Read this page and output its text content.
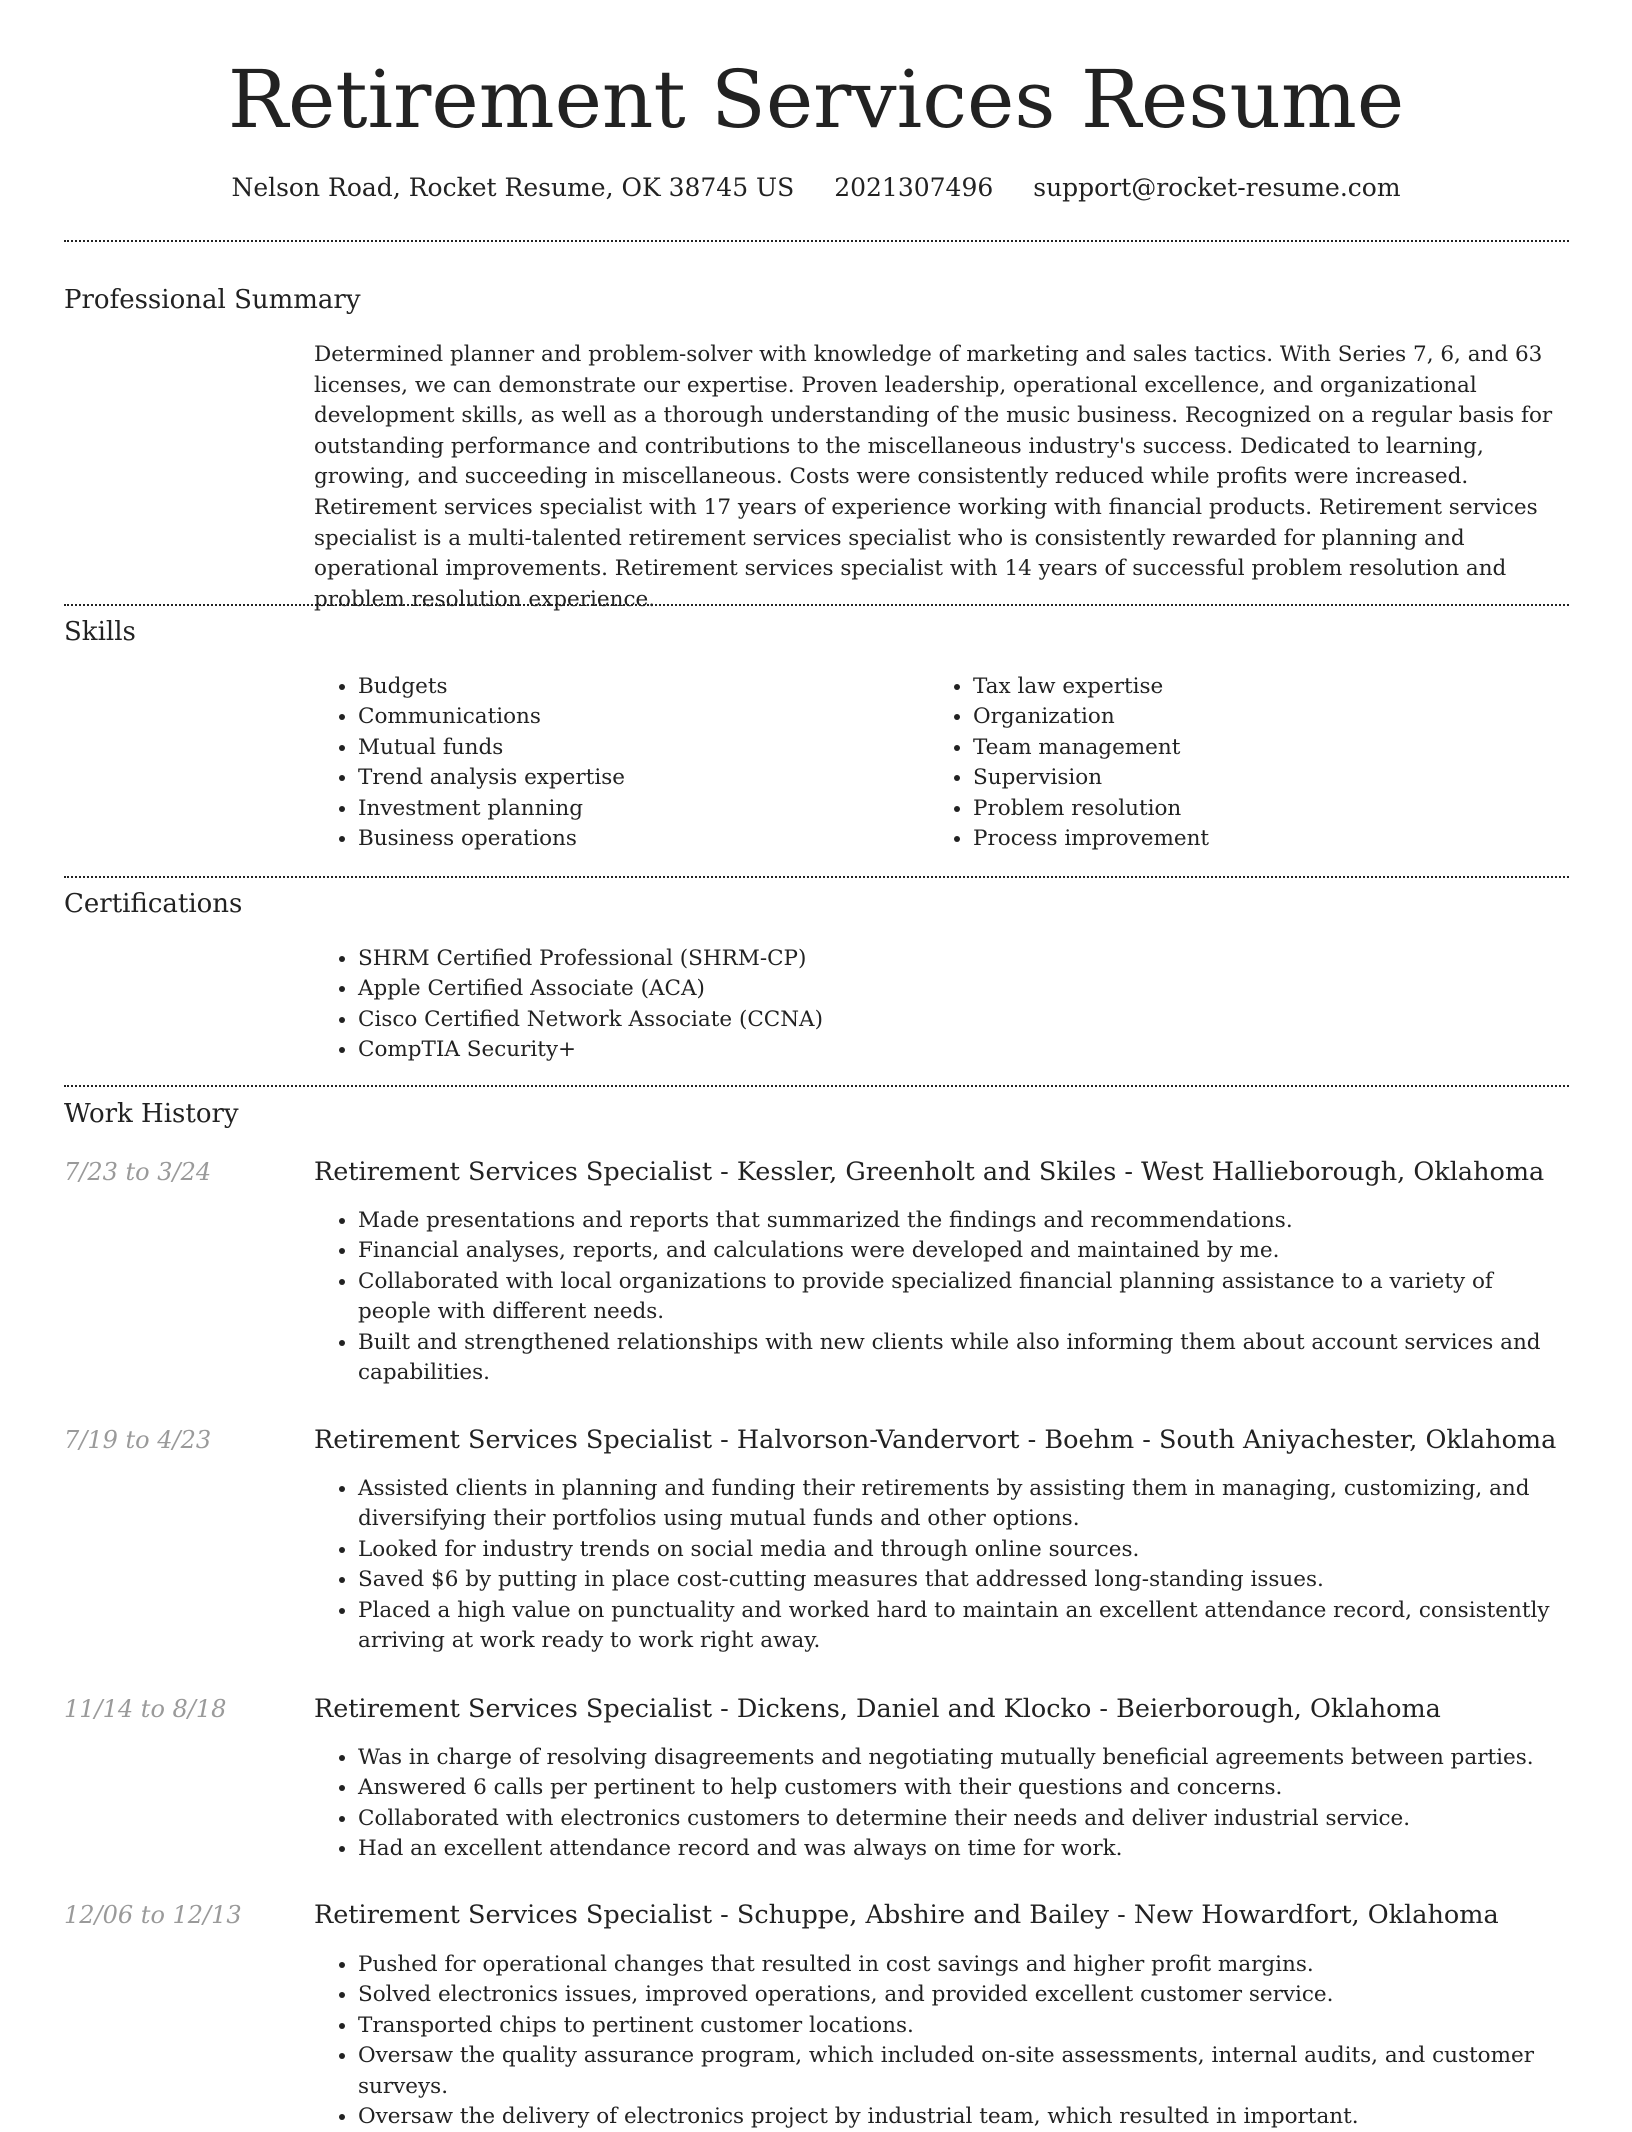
Retirement Services Resume
Nelson Road, Rocket Resume, OK 38745 US 2021307496 support@rocket-resume.com
Professional Summary

Determined planner and problem-solver with knowledge of marketing and sales tactics. With Series 7, 6, and 63 licenses, we can demonstrate our expertise. Proven leadership, operational excellence, and organizational development skills, as well as a thorough understanding of the music business. Recognized on a regular basis for outstanding performance and contributions to the miscellaneous industry's success. Dedicated to learning, growing, and succeeding in miscellaneous. Costs were consistently reduced while profits were increased. Retirement services specialist with 17 years of experience working with financial products. Retirement services specialist is a multi-talented retirement services specialist who is consistently rewarded for planning and operational improvements. Retirement services specialist with 14 years of successful problem resolution and problem resolution experience.

Skills
• Budgets
• Communications
• Mutual funds
• Trend analysis expertise
• Investment planning
• Business operations
• Tax law expertise
• Organization
• Team management
• Supervision
• Problem resolution
• Process improvement
Certifications
• SHRM Certified Professional (SHRM-CP)
• Apple Certified Associate (ACA)
• Cisco Certified Network Associate (CCNA)
• CompTIA Security+
Work History
7/23 to 3/24	Retirement Services Specialist - Kessler, Greenholt and Skiles - West Hallieborough, Oklahoma
• Made presentations and reports that summarized the findings and recommendations.
• Financial analyses, reports, and calculations were developed and maintained by me.
• Collaborated with local organizations to provide specialized financial planning assistance to a variety of people with different needs.
• Built and strengthened relationships with new clients while also informing them about account services and capabilities.
7/19 to 4/23	Retirement Services Specialist - Halvorson-Vandervort - Boehm - South Aniyachester, Oklahoma
• Assisted clients in planning and funding their retirements by assisting them in managing, customizing, and diversifying their portfolios using mutual funds and other options.
• Looked for industry trends on social media and through online sources.
• Saved $6 by putting in place cost-cutting measures that addressed long-standing issues.
• Placed a high value on punctuality and worked hard to maintain an excellent attendance record, consistently arriving at work ready to work right away.
11/14 to 8/18	Retirement Services Specialist - Dickens, Daniel and Klocko - Beierborough, Oklahoma
• Was in charge of resolving disagreements and negotiating mutually beneficial agreements between parties.
• Answered 6 calls per pertinent to help customers with their questions and concerns.
• Collaborated with electronics customers to determine their needs and deliver industrial service.
• Had an excellent attendance record and was always on time for work.
12/06 to 12/13	Retirement Services Specialist - Schuppe, Abshire and Bailey - New Howardfort, Oklahoma
• Pushed for operational changes that resulted in cost savings and higher profit margins.
• Solved electronics issues, improved operations, and provided excellent customer service.
• Transported chips to pertinent customer locations.
• Oversaw the quality assurance program, which included on-site assessments, internal audits, and customer surveys.
• Oversaw the delivery of electronics project by industrial team, which resulted in important.
